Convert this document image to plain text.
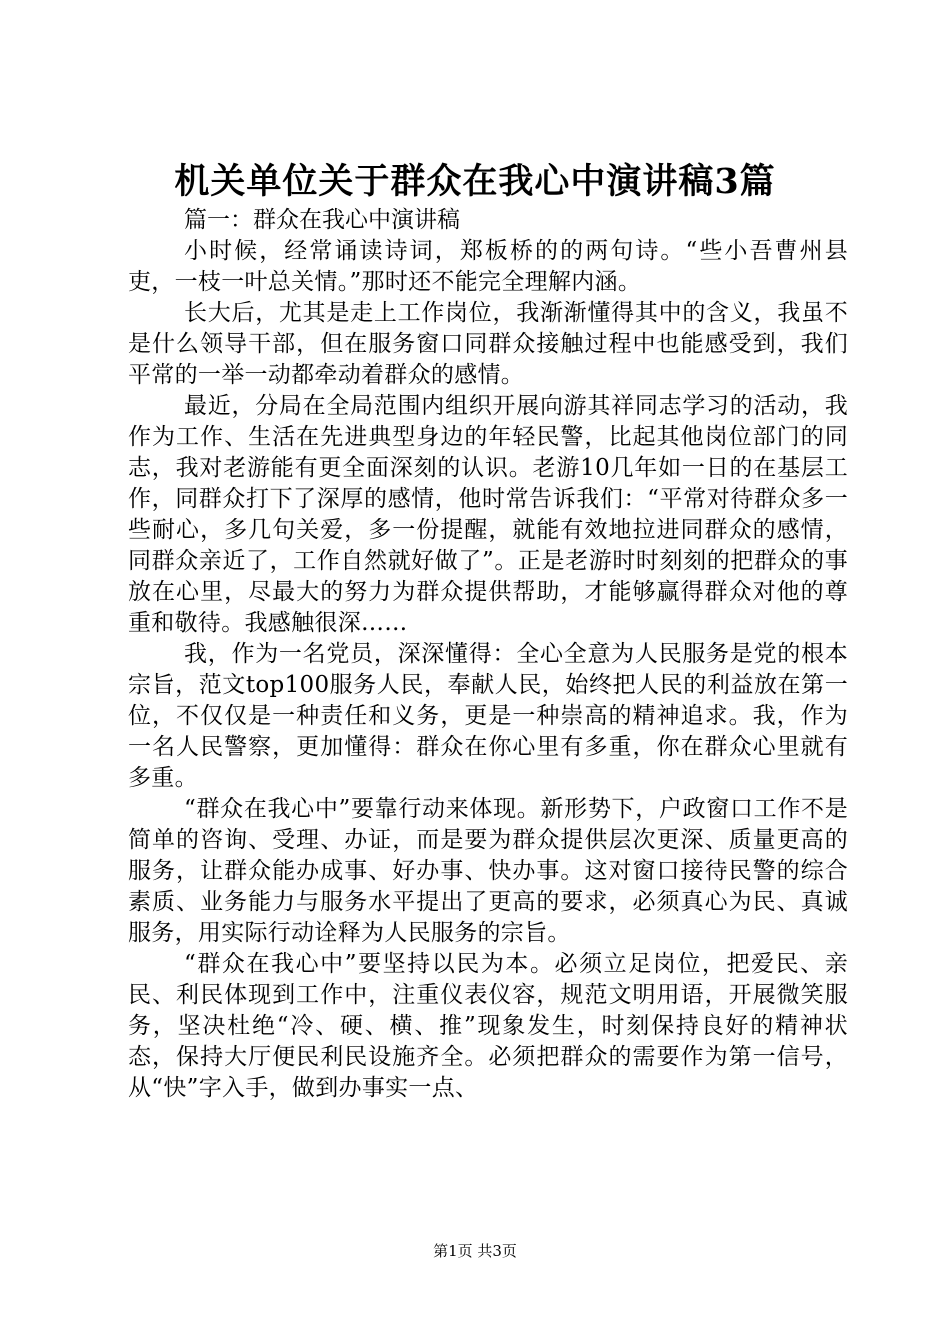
机关单位关于群众在我心中演讲稿3篇

篇一：群众在我心中演讲稿

小时候，经常诵读诗词，郑板桥的的两句诗。“些小吾曹州县吏，一枝一叶总关情。”那时还不能完全理解内涵。

长大后，尤其是走上工作岗位，我渐渐懂得其中的含义，我虽不是什么领导干部，但在服务窗口同群众接触过程中也能感受到，我们平常的一举一动都牵动着群众的感情。

最近，分局在全局范围内组织开展向游其祥同志学习的活动，我作为工作、生活在先进典型身边的年轻民警，比起其他岗位部门的同志，我对老游能有更全面深刻的认识。老游10几年如一日的在基层工作，同群众打下了深厚的感情，他时常告诉我们：“平常对待群众多一些耐心，多几句关爱，多一份提醒，就能有效地拉进同群众的感情，同群众亲近了，工作自然就好做了”。正是老游时时刻刻的把群众的事放在心里，尽最大的努力为群众提供帮助，才能够赢得群众对他的尊重和敬待。我感触很深……

我，作为一名党员，深深懂得：全心全意为人民服务是党的根本宗旨，范文top100服务人民，奉献人民，始终把人民的利益放在第一位，不仅仅是一种责任和义务，更是一种崇高的精神追求。我，作为一名人民警察，更加懂得：群众在你心里有多重，你在群众心里就有多重。

“群众在我心中”要靠行动来体现。新形势下，户政窗口工作不是简单的咨询、受理、办证，而是要为群众提供层次更深、质量更高的服务，让群众能办成事、好办事、快办事。这对窗口接待民警的综合素质、业务能力与服务水平提出了更高的要求，必须真心为民、真诚服务，用实际行动诠释为人民服务的宗旨。

“群众在我心中”要坚持以民为本。必须立足岗位，把爱民、亲民、利民体现到工作中，注重仪表仪容，规范文明用语，开展微笑服务，坚决杜绝“冷、硬、横、推”现象发生，时刻保持良好的精神状态，保持大厅便民利民设施齐全。必须把群众的需要作为第一信号，从“快”字入手，做到办事实一点、

第1页 共3页
